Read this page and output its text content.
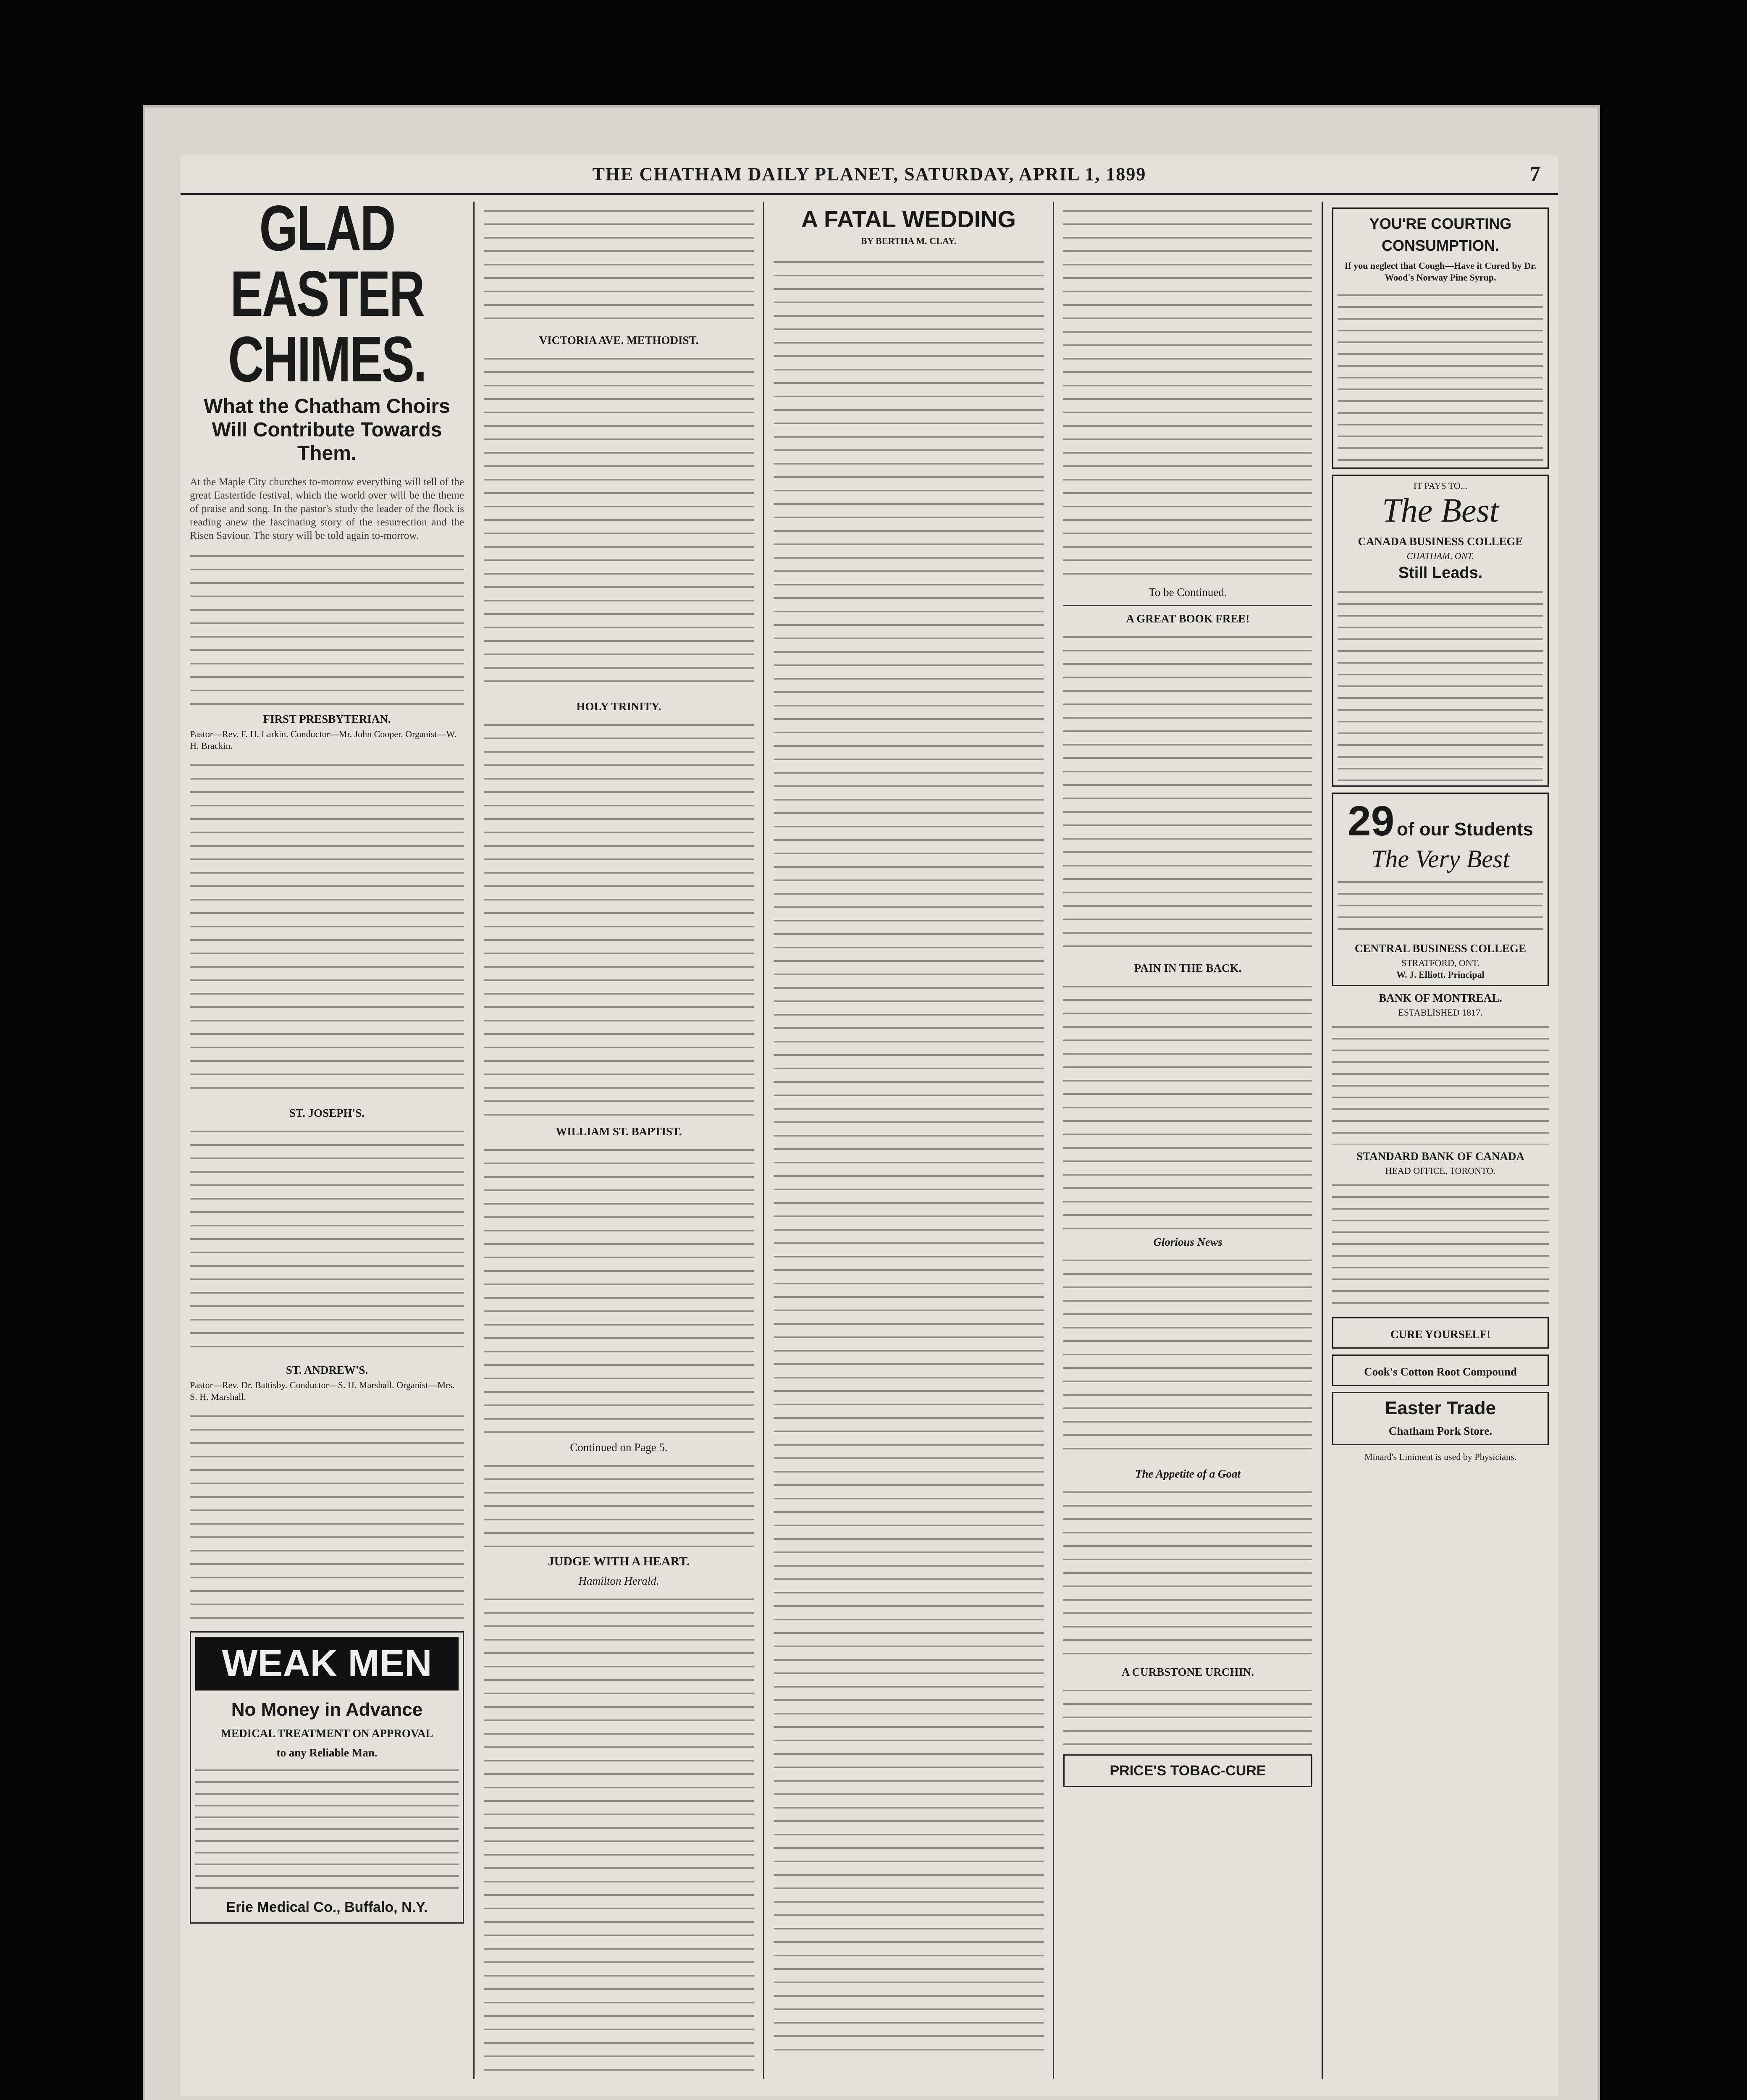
THE CHATHAM DAILY PLANET, SATURDAY, APRIL 1, 1899	7
GLAD EASTER CHIMES.
What the Chatham Choirs Will Contribute Towards Them.
At the Maple City churches to-morrow everything will tell of the great Eastertide festival, which the world over will be the theme of praise and song. In the pastor's study the leader of the flock is reading anew the fascinating story of the resurrection and the Risen Saviour. The story will be told again to-morrow.
FIRST PRESBYTERIAN.
Pastor—Rev. F. H. Larkin. Conductor—Mr. John Cooper. Organist—W. H. Brackin.
ST. JOSEPH'S.
ST. ANDREW'S.
Pastor—Rev. Dr. Battisby. Conductor—S. H. Marshall. Organist—Mrs. S. H. Marshall.
WEAK MEN
No Money in Advance
MEDICAL TREATMENT ON APPROVAL
to any Reliable Man.
Erie Medical Co., Buffalo, N.Y.
VICTORIA AVE. METHODIST.
HOLY TRINITY.
WILLIAM ST. BAPTIST.
Continued on Page 5.
JUDGE WITH A HEART.
Hamilton Herald.
A FATAL WEDDING
BY BERTHA M. CLAY.
To be Continued.
A GREAT BOOK FREE!
PAIN IN THE BACK.
Glorious News
The Appetite of a Goat
A CURBSTONE URCHIN.
PRICE'S TOBAC-CURE
YOU'RE COURTING
CONSUMPTION.
If you neglect that Cough—Have it Cured by Dr. Wood's Norway Pine Syrup.
IT PAYS TO...
The Best
CANADA BUSINESS COLLEGE
CHATHAM, ONT.
Still Leads.
29 of our Students
The Very Best
CENTRAL BUSINESS COLLEGE
STRATFORD, ONT.
W. J. Elliott. Principal
BANK OF MONTREAL.
ESTABLISHED 1817.
STANDARD BANK OF CANADA
HEAD OFFICE, TORONTO.
CURE YOURSELF!
Cook's Cotton Root Compound
Easter Trade
Chatham Pork Store.
Minard's Liniment is used by Physicians.
